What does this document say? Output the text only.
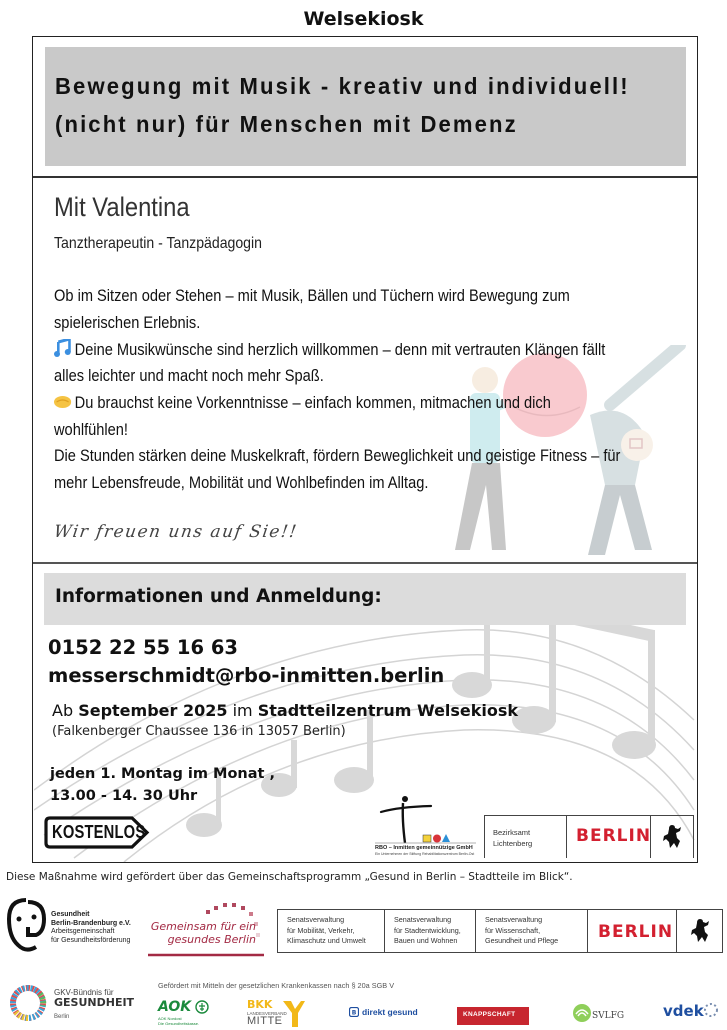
Welsekiosk
Bewegung mit Musik - kreativ und individuell!
(nicht nur) für Menschen mit Demenz
Mit Valentina
Tanztherapeutin - Tanzpädagogin
Ob im Sitzen oder Stehen – mit Musik, Bällen und Tüchern wird Bewegung zum
spielerischen Erlebnis.
Deine Musikwünsche sind herzlich willkommen – denn mit vertrauten Klängen fällt
alles leichter und macht noch mehr Spaß.
Du brauchst keine Vorkenntnisse – einfach kommen, mitmachen und dich
wohlfühlen!
Die Stunden stärken deine Muskelkraft, fördern Beweglichkeit und geistige Fitness – für
mehr Lebensfreude, Mobilität und Wohlbefinden im Alltag.
Wir freuen uns auf Sie!!
Informationen und Anmeldung:
0152 22 55 16 63
messerschmidt@rbo-inmitten.berlin
Ab September 2025 im Stadtteilzentrum Welsekiosk
(Falkenberger Chaussee 136 in 13057 Berlin)
jeden 1. Montag im Monat ,
13.00 - 14. 30 Uhr
KOSTENLOS
RBO – Inmitten gemeinnützige GmbH
Ein Unternehmen der Stiftung Rehabilitationszentrum Berlin-Ost
Bezirksamt
Lichtenberg	BERLIN
Diese Maßnahme wird gefördert über das Gemeinschaftsprogramm „Gesund in Berlin – Stadtteile im Blick“.
Gesundheit
Berlin-Brandenburg e.V.
Arbeitsgemeinschaft
für Gesundheitsförderung
Gemeinsam für ein
gesundes Berlin
Senatsverwaltung
für Mobilität, Verkehr,
Klimaschutz und Umwelt
Senatsverwaltung
für Stadtentwicklung,
Bauen und Wohnen
Senatsverwaltung
für Wissenschaft,
Gesundheit und Pflege BERLIN
GKV-Bündnis für
GESUNDHEIT
Berlin
Gefördert mit Mitteln der gesetzlichen Krankenkassen nach § 20a SGB V
AOK
AOK Nordost
Die Gesundheitskasse.
BKK
LANDESVERBAND
MITTE
B direkt gesund	KNAPPSCHAFT	SVLFG	vdek
